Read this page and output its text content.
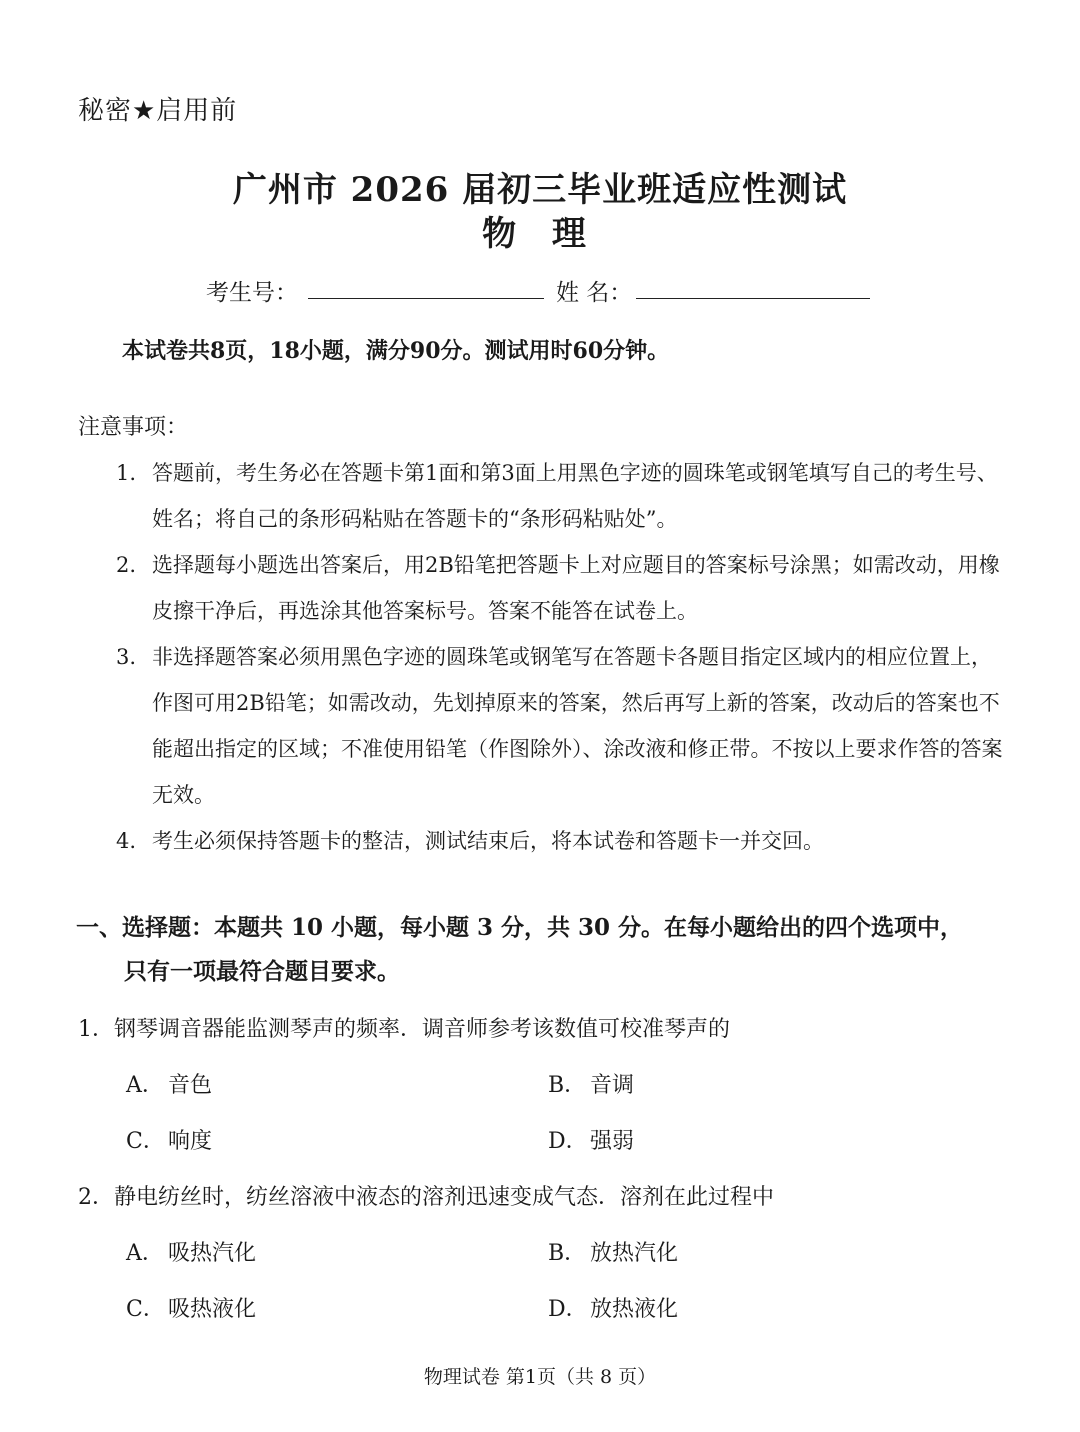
秘密★启用前
广州市 2026 届初三毕业班适应性测试
物 理
考生号：	姓 名：
本试卷共8页，18小题，满分90分。测试用时60分钟。
注意事项：
1. 答题前，考生务必在答题卡第1面和第3面上用黑色字迹的圆珠笔或钢笔填写自己的考生号、姓名；将自己的条形码粘贴在答题卡的“条形码粘贴处”。
2. 选择题每小题选出答案后，用2B铅笔把答题卡上对应题目的答案标号涂黑；如需改动，用橡皮擦干净后，再选涂其他答案标号。答案不能答在试卷上。
3. 非选择题答案必须用黑色字迹的圆珠笔或钢笔写在答题卡各题目指定区域内的相应位置上，作图可用2B铅笔；如需改动，先划掉原来的答案，然后再写上新的答案，改动后的答案也不能超出指定的区域；不准使用铅笔（作图除外）、涂改液和修正带。不按以上要求作答的答案无效。
4. 考生必须保持答题卡的整洁，测试结束后，将本试卷和答题卡一并交回。
一、选择题：本题共 10 小题，每小题 3 分，共 30 分。在每小题给出的四个选项中，
只有一项最符合题目要求。
1．钢琴调音器能监测琴声的频率．调音师参考该数值可校准琴声的
A． 音色	B． 音调
C． 响度	D． 强弱
2．静电纺丝时，纺丝溶液中液态的溶剂迅速变成气态．溶剂在此过程中
A． 吸热汽化	B． 放热汽化
C． 吸热液化	D． 放热液化
物理试卷 第1页（共 8 页）
